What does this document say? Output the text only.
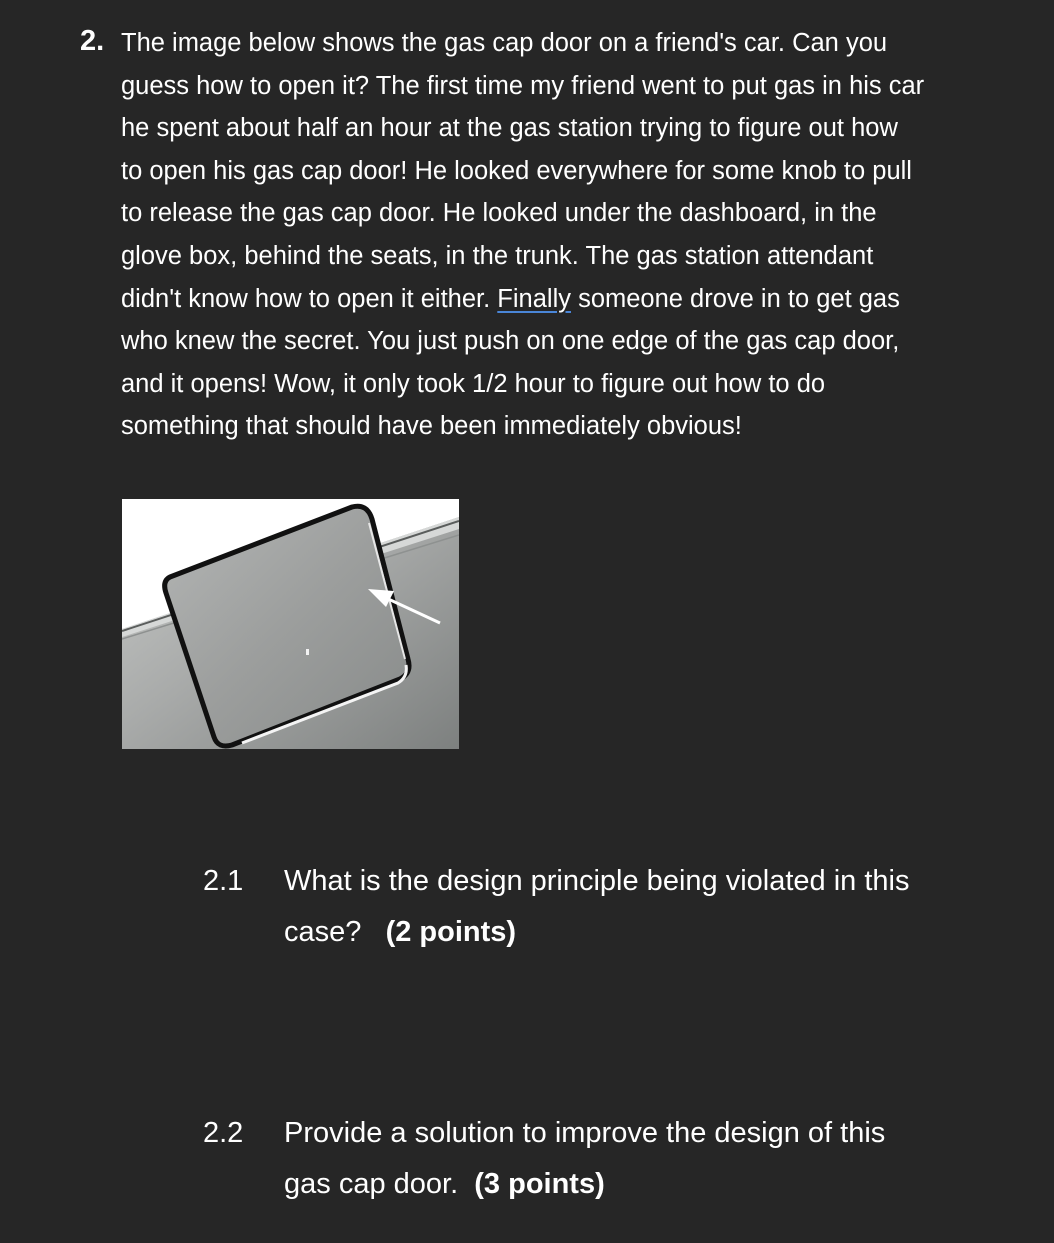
2. The image below shows the gas cap door on a friend's car. Can you
guess how to open it? The first time my friend went to put gas in his car
he spent about half an hour at the gas station trying to figure out how
to open his gas cap door! He looked everywhere for some knob to pull
to release the gas cap door. He looked under the dashboard, in the
glove box, behind the seats, in the trunk. The gas station attendant
didn't know how to open it either. Finally someone drove in to get gas
who knew the secret. You just push on one edge of the gas cap door,
and it opens! Wow, it only took 1/2 hour to figure out how to do
something that should have been immediately obvious!
2.1 What is the design principle being violated in this
case? (2 points)
2.2 Provide a solution to improve the design of this
gas cap door. (3 points)
